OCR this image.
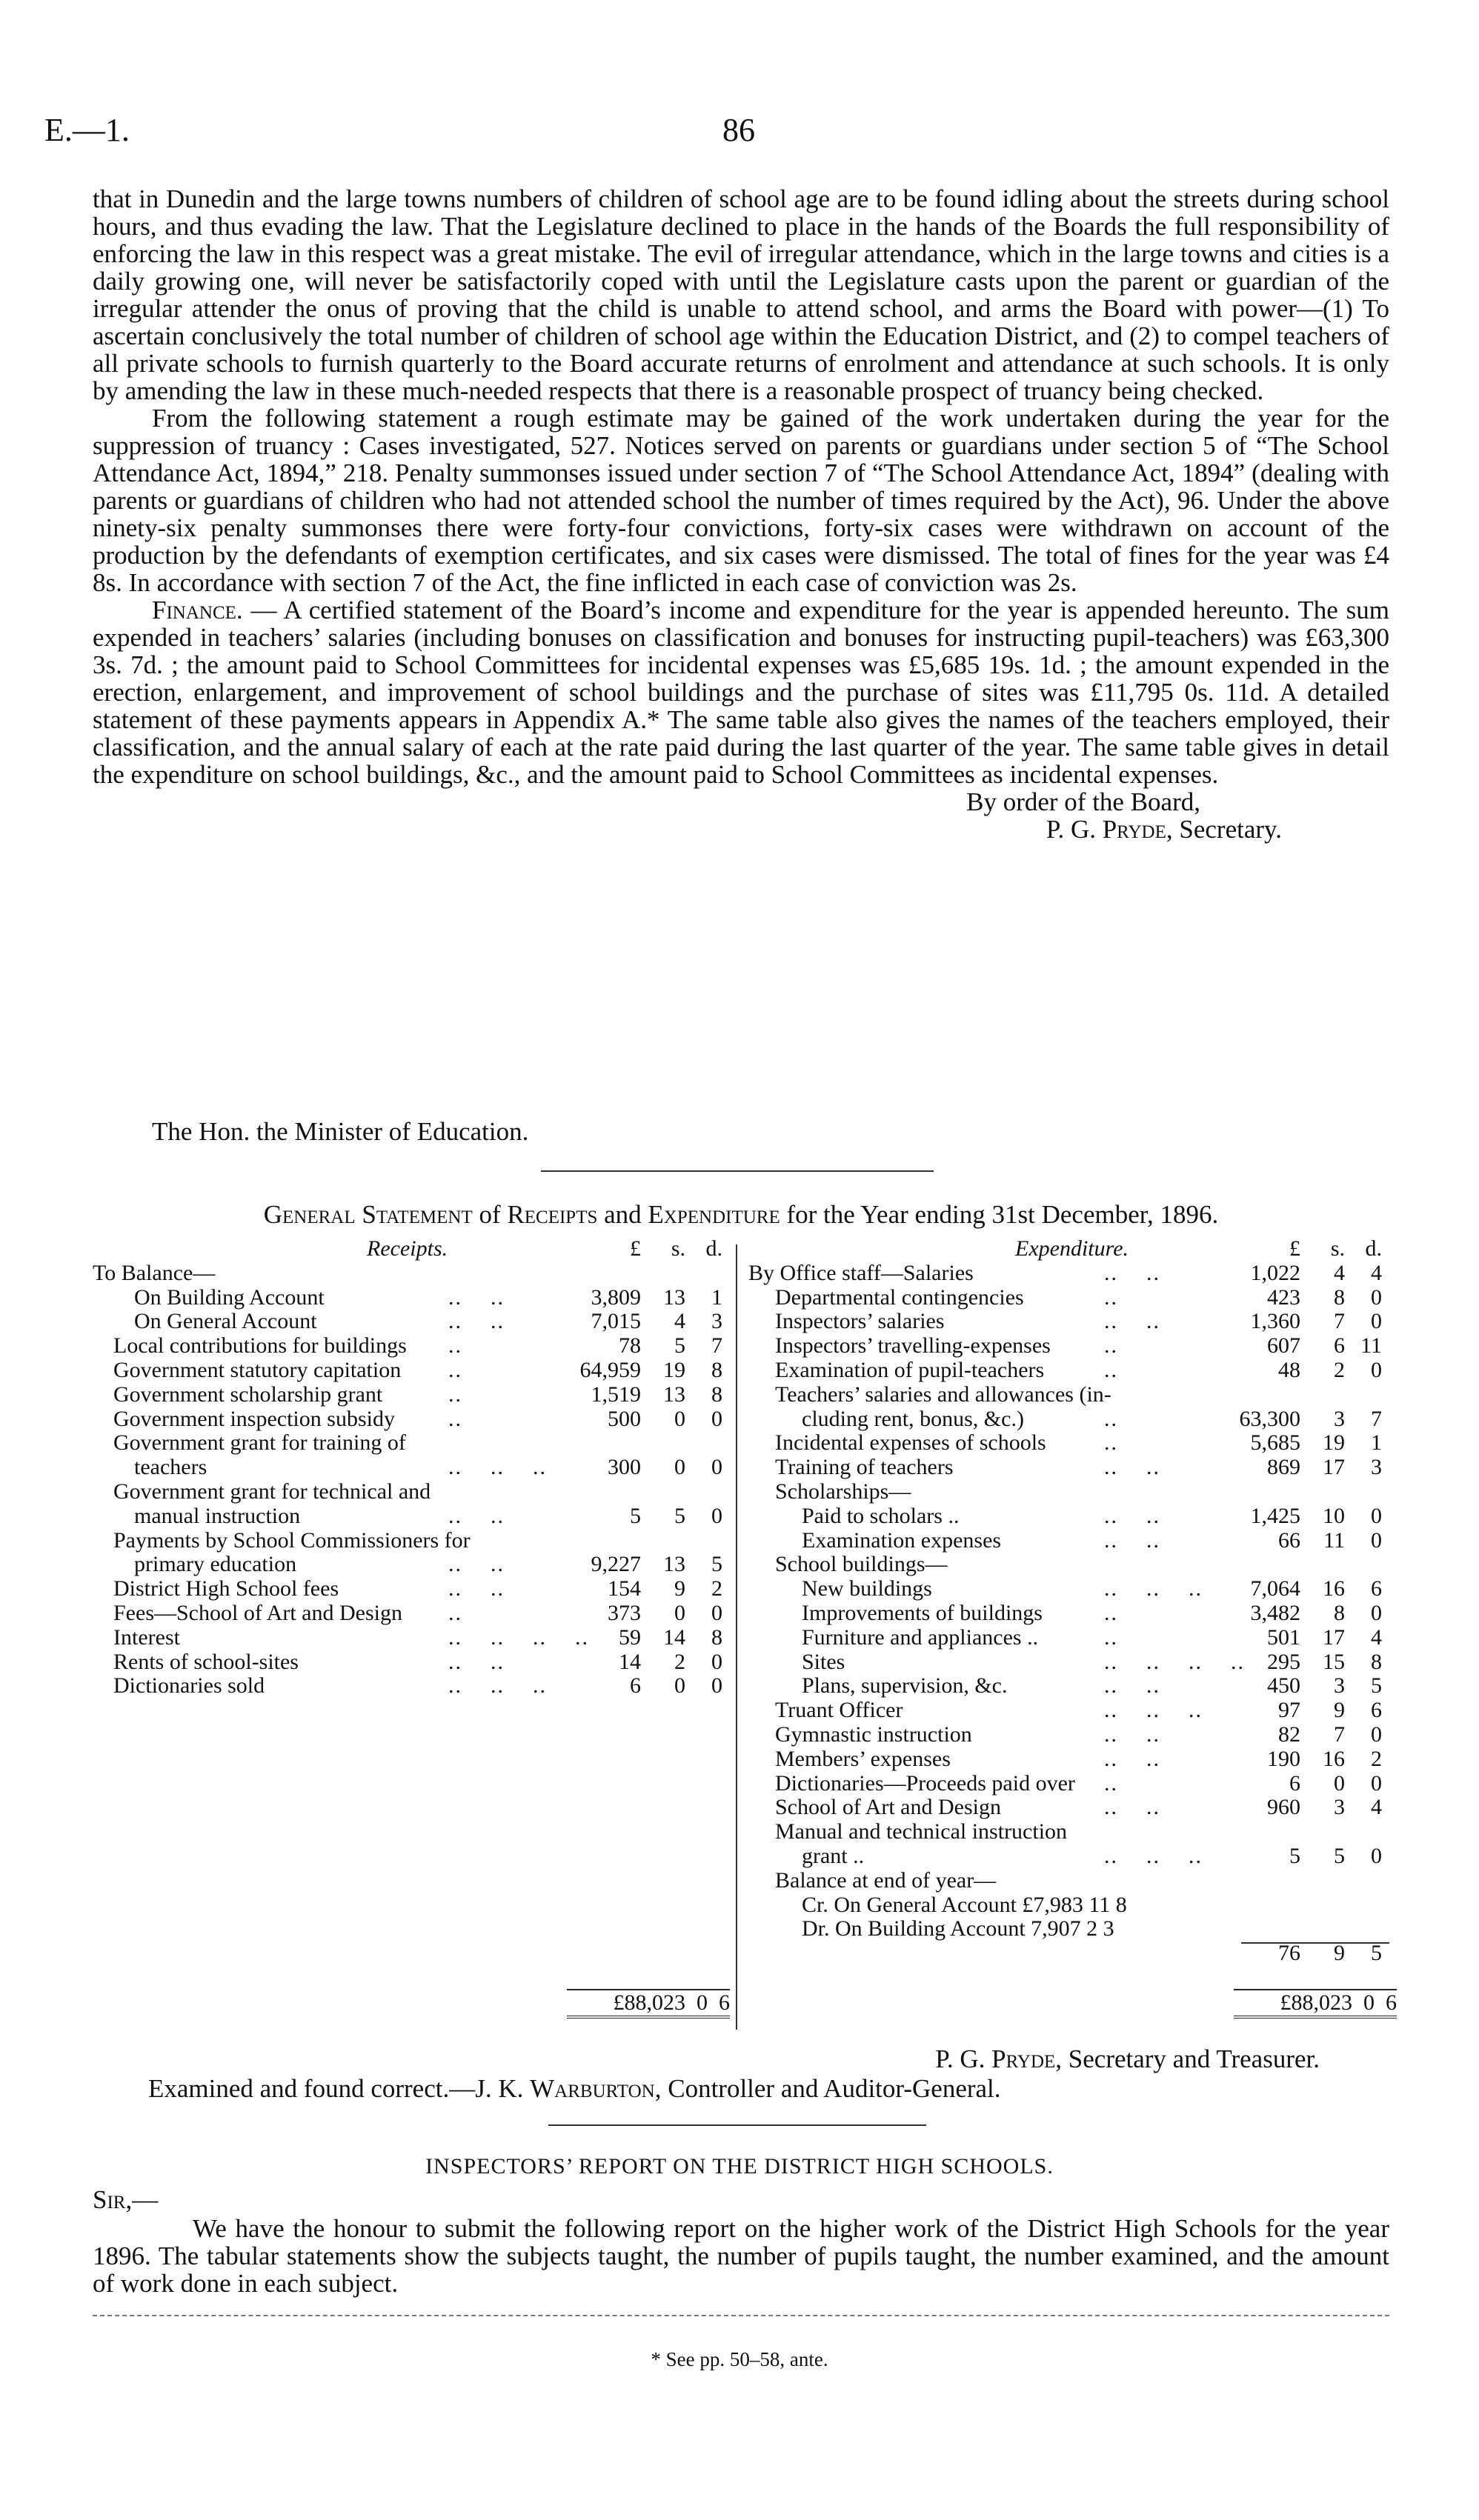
E.—1.	86

that in Dunedin and the large towns numbers of children of school age are to be found idling about the streets during school hours, and thus evading the law. That the Legislature declined to place in the hands of the Boards the full responsibility of enforcing the law in this respect was a great mistake. The evil of irregular attendance, which in the large towns and cities is a daily growing one, will never be satisfactorily coped with until the Legislature casts upon the parent or guardian of the irregular attender the onus of proving that the child is unable to attend school, and arms the Board with power—(1) To ascertain conclusively the total number of children of school age within the Education District, and (2) to compel teachers of all private schools to furnish quarterly to the Board accurate returns of enrolment and attendance at such schools. It is only by amending the law in these much-needed respects that there is a reasonable prospect of truancy being checked.

From the following statement a rough estimate may be gained of the work undertaken during the year for the suppression of truancy : Cases investigated, 527. Notices served on parents or guardians under section 5 of “The School Attendance Act, 1894,” 218. Penalty summonses issued under section 7 of “The School Attendance Act, 1894” (dealing with parents or guardians of children who had not attended school the number of times required by the Act), 96. Under the above ninety-six penalty summonses there were forty-four convictions, forty-six cases were withdrawn on account of the production by the defendants of exemption certificates, and six cases were dismissed. The total of fines for the year was £4 8s. In accordance with section 7 of the Act, the fine inflicted in each case of conviction was 2s.

Finance. — A certified statement of the Board’s income and expenditure for the year is appended hereunto. The sum expended in teachers’ salaries (including bonuses on classification and bonuses for instructing pupil-teachers) was £63,300 3s. 7d. ; the amount paid to School Committees for incidental expenses was £5,685 19s. 1d. ; the amount expended in the erection, enlargement, and improvement of school buildings and the purchase of sites was £11,795 0s. 11d. A detailed statement of these payments appears in Appendix A.* The same table also gives the names of the teachers employed, their classification, and the annual salary of each at the rate paid during the last quarter of the year. The same table gives in detail the expenditure on school buildings, &c., and the amount paid to School Committees as incidental expenses.

By order of the Board,

P. G. Pryde, Secretary.

The Hon. the Minister of Education.
General Statement of Receipts and Expenditure for the Year ending 31st December, 1896.
Receipts.	£	s. d.
To Balance—
On Building Account	..    ..	3,809	13	1
On General Account	..    ..	7,015	4	3
Local contributions for buildings ..	78	5	7
Government statutory capitation ..	64,959	19	8
Government scholarship grant	..	1,519	13	8
Government inspection subsidy ..	500	0	0
Government grant for training of
teachers	..    ..    ..	300	0	0
Government grant for technical and
manual instruction	..    ..	5	5	0
Payments by School Commissioners for
primary education	..    ..	9,227	13	5
District High School fees	..    ..	154	9	2
Fees—School of Art and Design ..	373	0	0
Interest	..    ..    ..    ..	59	14	8
Rents of school-sites	..    ..	14	2	0
Dictionaries sold	..    ..    ..	6	0	0
Expenditure.	£	s. d.
By Office staff—Salaries	..    ..	1,022	4	4
Departmental contingencies	..	423	8	0
Inspectors’ salaries	..    ..	1,360	7	0
Inspectors’ travelling-expenses ..	607	6 11
Examination of pupil-teachers	..	48	2	0
Teachers’ salaries and allowances (in-
cluding rent, bonus, &c.)	..	63,300	3	7
Incidental expenses of schools	..	5,685	19	1
Training of teachers	..    ..	869	17	3
Scholarships—
Paid to scholars ..	..    ..	1,425	10	0
Examination expenses	..    ..	66	11	0
School buildings—
New buildings	..    ..    ..	7,064	16	6
Improvements of buildings	..	3,482	8	0
Furniture and appliances ..	..	501	17	4
Sites	..    ..    ..    ..	295	15	8
Plans, supervision, &c.	..    ..	450	3	5
Truant Officer	..    ..    ..	97	9	6
Gymnastic instruction	..    ..	82	7	0
Members’ expenses	..    ..	190	16	2
Dictionaries—Proceeds paid over ..	6	0	0
School of Art and Design	..    ..	960	3	4
Manual and technical instruction
grant ..	..    ..    ..	5	5	0
Balance at end of year—
Cr. On General Account £7,983 11 8
Dr. On Building Account 7,907 2 3
76	9	5
£88,023  0  6	£88,023  0  6
P. G. Pryde, Secretary and Treasurer.
Examined and found correct.—J. K. Warburton, Controller and Auditor-General.
INSPECTORS’ REPORT ON THE DISTRICT HIGH SCHOOLS.
Sir,—

We have the honour to submit the following report on the higher work of the District High Schools for the year 1896. The tabular statements show the subjects taught, the number of pupils taught, the number examined, and the amount of work done in each subject.

* See pp. 50–58, ante.
